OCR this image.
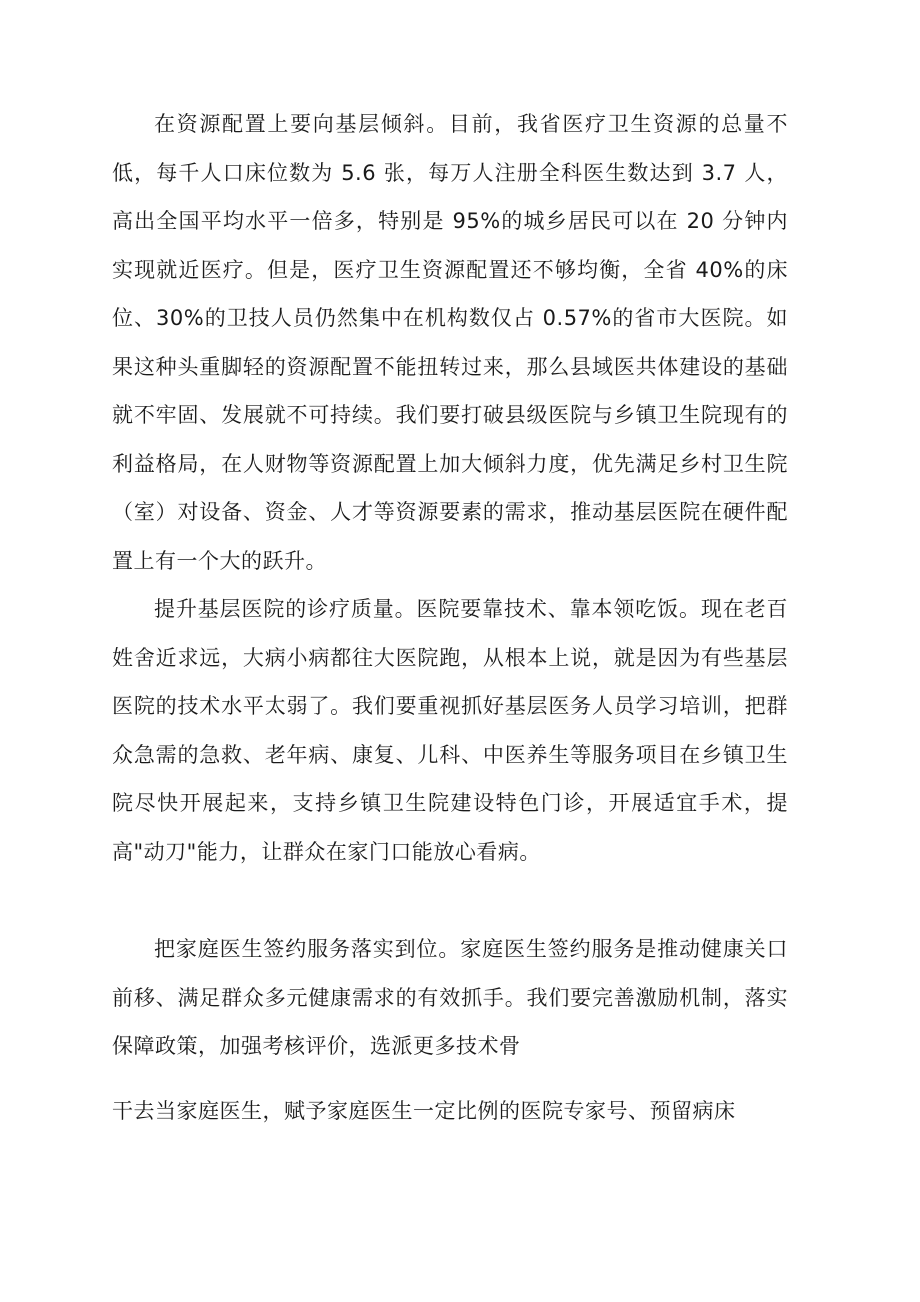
在资源配置上要向基层倾斜。目前，我省医疗卫生资源的总量不低，每千人口床位数为 5.6 张，每万人注册全科医生数达到 3.7 人，高出全国平均水平一倍多，特别是 95%的城乡居民可以在 20 分钟内实现就近医疗。但是，医疗卫生资源配置还不够均衡，全省 40%的床位、30%的卫技人员仍然集中在机构数仅占 0.57%的省市大医院。如果这种头重脚轻的资源配置不能扭转过来，那么县域医共体建设的基础就不牢固、发展就不可持续。我们要打破县级医院与乡镇卫生院现有的利益格局，在人财物等资源配置上加大倾斜力度，优先满足乡村卫生院（室）对设备、资金、人才等资源要素的需求，推动基层医院在硬件配置上有一个大的跃升。

提升基层医院的诊疗质量。医院要靠技术、靠本领吃饭。现在老百姓舍近求远，大病小病都往大医院跑，从根本上说，就是因为有些基层医院的技术水平太弱了。我们要重视抓好基层医务人员学习培训，把群众急需的急救、老年病、康复、儿科、中医养生等服务项目在乡镇卫生院尽快开展起来，支持乡镇卫生院建设特色门诊，开展适宜手术，提高"动刀"能力，让群众在家门口能放心看病。

把家庭医生签约服务落实到位。家庭医生签约服务是推动健康关口前移、满足群众多元健康需求的有效抓手。我们要完善激励机制，落实保障政策，加强考核评价，选派更多技术骨

干去当家庭医生，赋予家庭医生一定比例的医院专家号、预留病床
